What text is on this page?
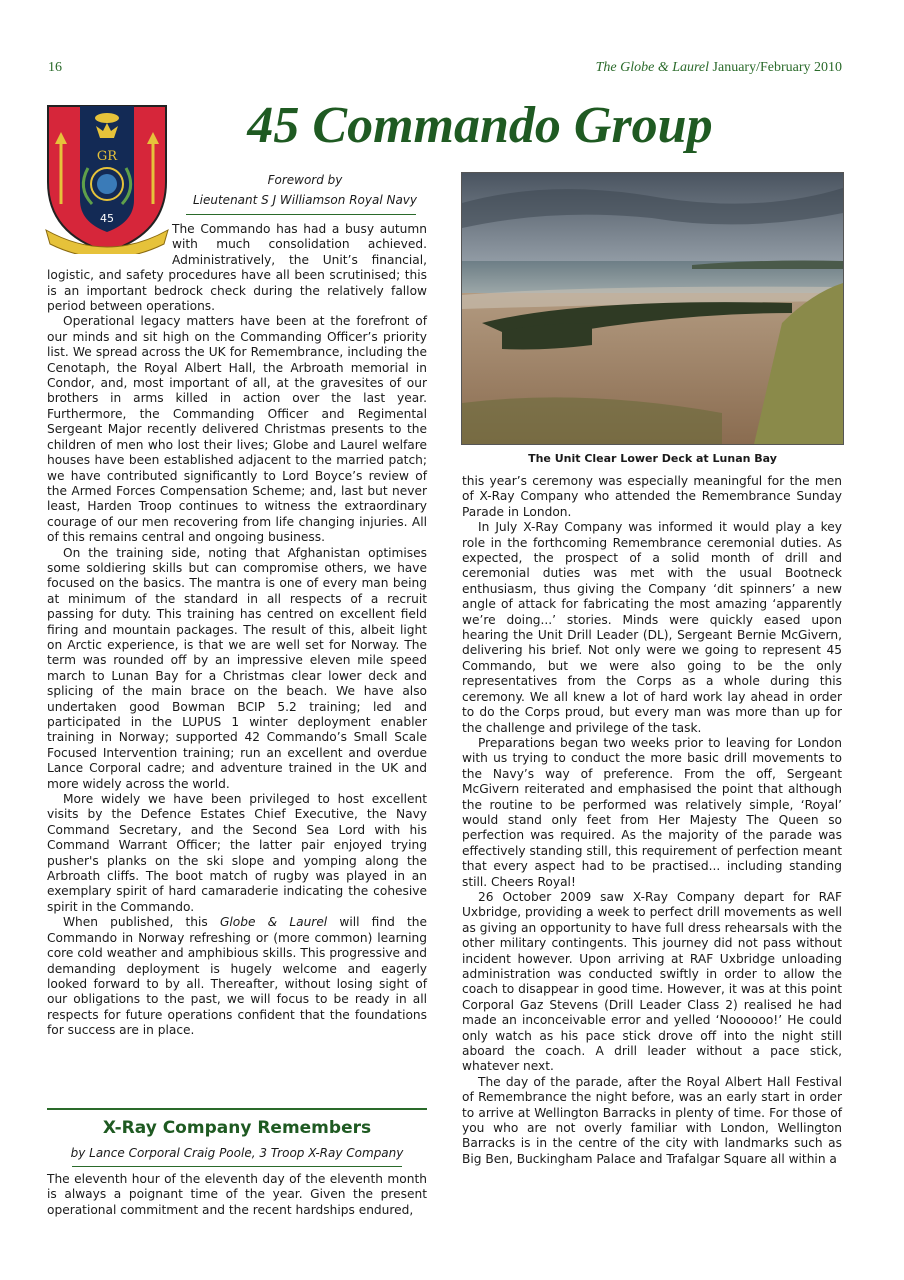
16	The Globe & Laurel January/February 2010
GR
45
45 Commando Group
Foreword by
Lieutenant S J Williamson Royal Navy

The Commando has had a busy autumn with much consolidation achieved. Administratively, the Unit’s financial, logistic, and safety procedures have all been scrutinised; this is an important bedrock check during the relatively fallow period between operations.

Operational legacy matters have been at the forefront of our minds and sit high on the Commanding Officer’s priority list. We spread across the UK for Remembrance, including the Cenotaph, the Royal Albert Hall, the Arbroath memorial in Condor, and, most important of all, at the gravesites of our brothers in arms killed in action over the last year. Furthermore, the Commanding Officer and Regimental Sergeant Major recently delivered Christmas presents to the children of men who lost their lives; Globe and Laurel welfare houses have been established adjacent to the married patch; we have contributed significantly to Lord Boyce’s review of the Armed Forces Compensation Scheme; and, last but never least, Harden Troop continues to witness the extraordinary courage of our men recovering from life changing injuries. All of this remains central and ongoing business.

On the training side, noting that Afghanistan optimises some soldiering skills but can compromise others, we have focused on the basics. The mantra is one of every man being at minimum of the standard in all respects of a recruit passing for duty. This training has centred on excellent field firing and mountain packages. The result of this, albeit light on Arctic experience, is that we are well set for Norway. The term was rounded off by an impressive eleven mile speed march to Lunan Bay for a Christmas clear lower deck and splicing of the main brace on the beach. We have also undertaken good Bowman BCIP 5.2 training; led and participated in the LUPUS 1 winter deployment enabler training in Norway; supported 42 Commando’s Small Scale Focused Intervention training; run an excellent and overdue Lance Corporal cadre; and adventure trained in the UK and more widely across the world.

More widely we have been privileged to host excellent visits by the Defence Estates Chief Executive, the Navy Command Secretary, and the Second Sea Lord with his Command Warrant Officer; the latter pair enjoyed trying pusher's planks on the ski slope and yomping along the Arbroath cliffs. The boot match of rugby was played in an exemplary spirit of hard camaraderie indicating the cohesive spirit in the Commando.

When published, this Globe & Laurel will find the Commando in Norway refreshing or (more common) learning core cold weather and amphibious skills. This progressive and demanding deployment is hugely welcome and eagerly looked forward to by all. Thereafter, without losing sight of our obligations to the past, we will focus to be ready in all respects for future operations confident that the foundations for success are in place.

X-Ray Company Remembers
by Lance Corporal Craig Poole, 3 Troop X-Ray Company

The eleventh hour of the eleventh day of the eleventh month is always a poignant time of the year. Given the present operational commitment and the recent hardships endured,

The Unit Clear Lower Deck at Lunan Bay

this year’s ceremony was especially meaningful for the men of X-Ray Company who attended the Remembrance Sunday Parade in London.

In July X-Ray Company was informed it would play a key role in the forthcoming Remembrance ceremonial duties. As expected, the prospect of a solid month of drill and ceremonial duties was met with the usual Bootneck enthusiasm, thus giving the Company ‘dit spinners’ a new angle of attack for fabricating the most amazing ‘apparently we’re doing...’ stories. Minds were quickly eased upon hearing the Unit Drill Leader (DL), Sergeant Bernie McGivern, delivering his brief. Not only were we going to represent 45 Commando, but we were also going to be the only representatives from the Corps as a whole during this ceremony. We all knew a lot of hard work lay ahead in order to do the Corps proud, but every man was more than up for the challenge and privilege of the task.

Preparations began two weeks prior to leaving for London with us trying to conduct the more basic drill movements to the Navy’s way of preference. From the off, Sergeant McGivern reiterated and emphasised the point that although the routine to be performed was relatively simple, ‘Royal’ would stand only feet from Her Majesty The Queen so perfection was required. As the majority of the parade was effectively standing still, this requirement of perfection meant that every aspect had to be practised... including standing still. Cheers Royal!

26 October 2009 saw X-Ray Company depart for RAF Uxbridge, providing a week to perfect drill movements as well as giving an opportunity to have full dress rehearsals with the other military contingents. This journey did not pass without incident however. Upon arriving at RAF Uxbridge unloading administration was conducted swiftly in order to allow the coach to disappear in good time. However, it was at this point Corporal Gaz Stevens (Drill Leader Class 2) realised he had made an inconceivable error and yelled ‘Noooooo!’ He could only watch as his pace stick drove off into the night still aboard the coach. A drill leader without a pace stick, whatever next.

The day of the parade, after the Royal Albert Hall Festival of Remembrance the night before, was an early start in order to arrive at Wellington Barracks in plenty of time. For those of you who are not overly familiar with London, Wellington Barracks is in the centre of the city with landmarks such as Big Ben, Buckingham Palace and Trafalgar Square all within a
